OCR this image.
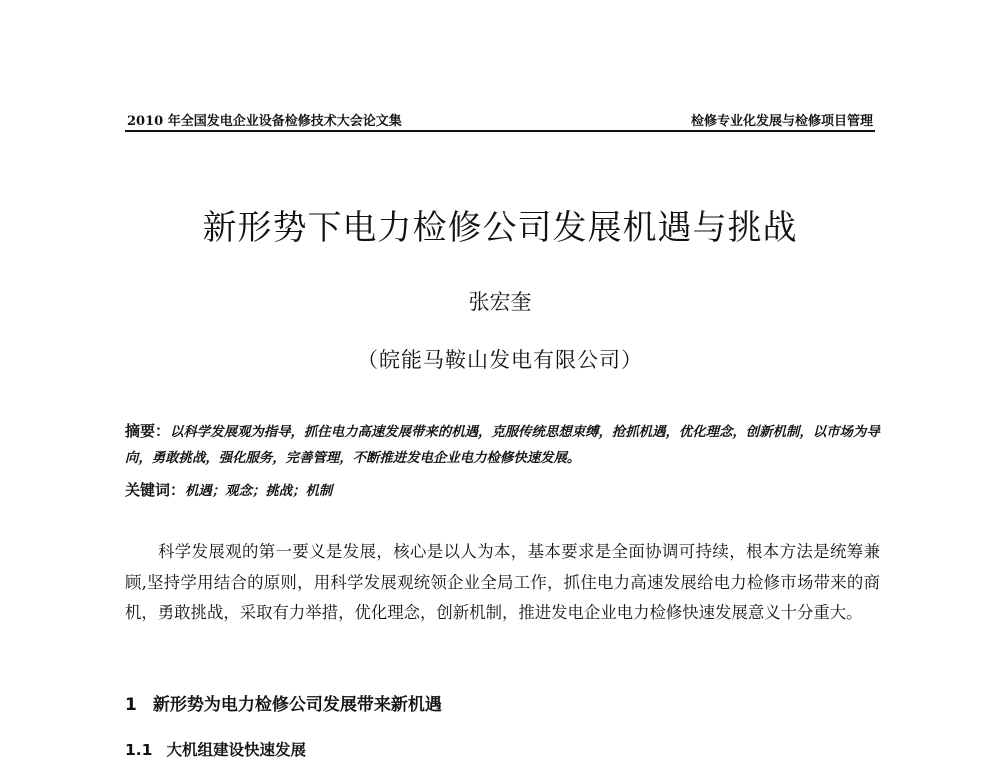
2010 年全国发电企业设备检修技术大会论文集	检修专业化发展与检修项目管理
新形势下电力检修公司发展机遇与挑战
张宏奎
（皖能马鞍山发电有限公司）
摘要：以科学发展观为指导，抓住电力高速发展带来的机遇，克服传统思想束缚，抢抓机遇，优化理念，创新机制，以市场为导向，勇敢挑战，强化服务，完善管理，不断推进发电企业电力检修快速发展。
关键词：机遇；观念；挑战；机制
科学发展观的第一要义是发展，核心是以人为本，基本要求是全面协调可持续，根本方法是统筹兼顾,坚持学用结合的原则，用科学发展观统领企业全局工作，抓住电力高速发展给电力检修市场带来的商机，勇敢挑战，采取有力举措，优化理念，创新机制，推进发电企业电力检修快速发展意义十分重大。
1 新形势为电力检修公司发展带来新机遇
1.1 大机组建设快速发展
